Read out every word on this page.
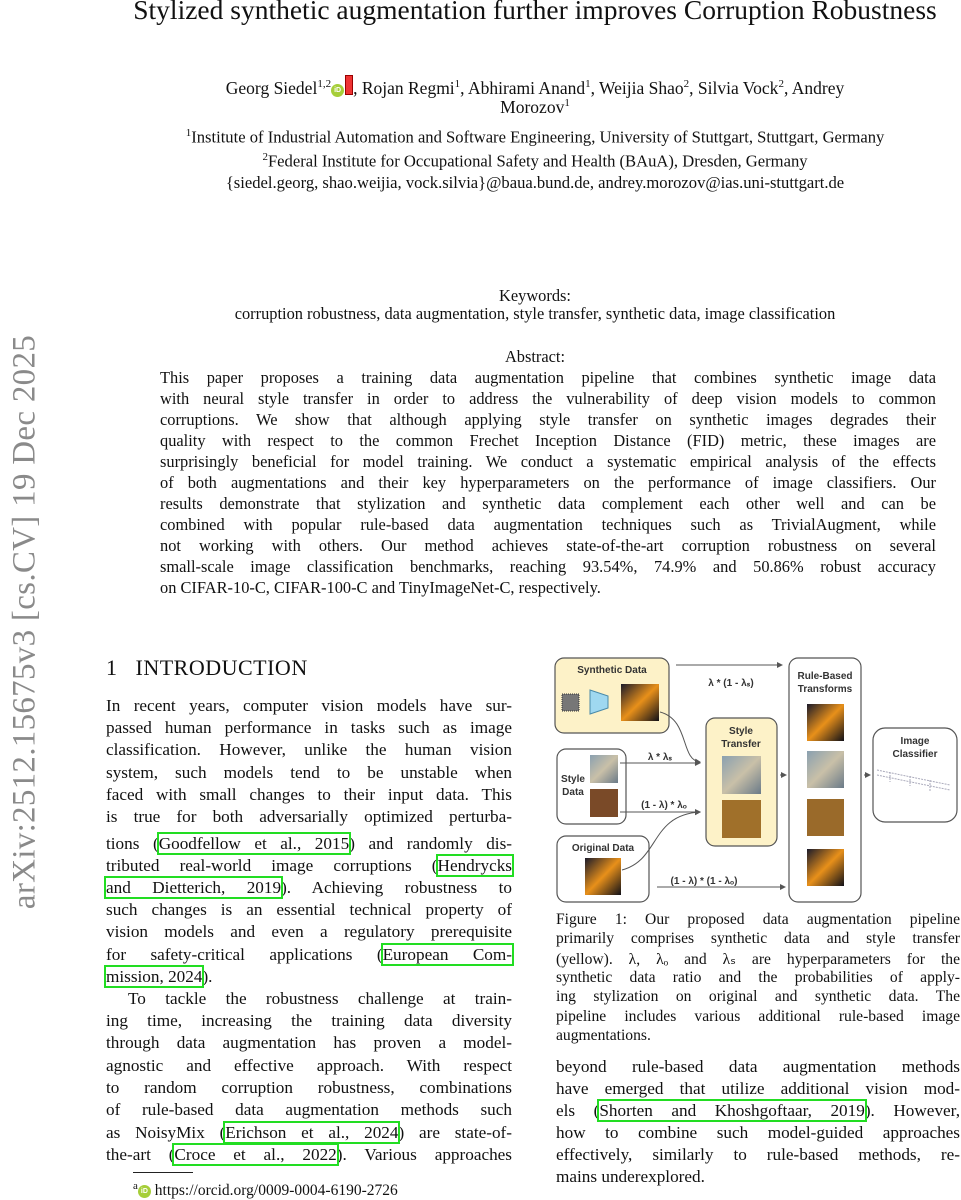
Stylized synthetic augmentation further improves Corruption Robustness
Georg Siedel$^{1,2}$iD , Rojan Regmi$^1$, Abhirami Anand$^1$, Weijia Shao$^2$, Silvia Vock$^2$, Andrey
Morozov$^1$
$^1$Institute of Industrial Automation and Software Engineering, University of Stuttgart, Stuttgart, Germany
$^2$Federal Institute for Occupational Safety and Health (BAuA), Dresden, Germany
{siedel.georg, shao.weijia, vock.silvia}@baua.bund.de, andrey.morozov@ias.uni-stuttgart.de
arXiv:2512.15675v3 [cs.CV] 19 Dec 2025
Keywords:
corruption robustness, data augmentation, style transfer, synthetic data, image classification
Abstract:
This paper proposes a training data augmentation pipeline that combines synthetic image data
with neural style transfer in order to address the vulnerability of deep vision models to common
corruptions. We show that although applying style transfer on synthetic images degrades their
quality with respect to the common Frechet Inception Distance (FID) metric, these images are
surprisingly beneficial for model training. We conduct a systematic empirical analysis of the effects
of both augmentations and their key hyperparameters on the performance of image classifiers. Our
results demonstrate that stylization and synthetic data complement each other well and can be
combined with popular rule-based data augmentation techniques such as TrivialAugment, while
not working with others. Our method achieves state-of-the-art corruption robustness on several
small-scale image classification benchmarks, reaching 93.54%, 74.9% and 50.86% robust accuracy
on CIFAR-10-C, CIFAR-100-C and TinyImageNet-C, respectively.
1 INTRODUCTION
tions (Goodfellow et al., 2015) and randomly dis-
tributed real-world image corruptions (Hendrycks
and Dietterich, 2019). Achieving robustness to
for safety-critical applications (European Com-
mission, 2024).
as NoisyMix (Erichson et al., 2024) are state-of-
the-art (Croce et al., 2022). Various approaches
In recent years, computer vision models have sur-
passed human performance in tasks such as image
classification. However, unlike the human vision
system, such models tend to be unstable when
faced with small changes to their input data. This
is true for both adversarially optimized perturba-
such changes is an essential technical property of
vision models and even a regulatory prerequisite
To tackle the robustness challenge at train-
ing time, increasing the training data diversity
through data augmentation has proven a model-
agnostic and effective approach. With respect
to random corruption robustness, combinations
of rule-based data augmentation methods such
$^a$ iD https://orcid.org/0009-0004-6190-2726
Synthetic Data
Style
Data
Original Data
Style
Transfer
Rule-Based
Transforms
Image
Classifier
λ * (1 - λₛ)
λ * λₛ
(1 - λ) * λₒ
(1 - λ) * (1 - λₒ)
Figure 1: Our proposed data augmentation pipeline
primarily comprises synthetic data and style transfer
(yellow). λ, λₒ and λₛ are hyperparameters for the
synthetic data ratio and the probabilities of apply-
ing stylization on original and synthetic data. The
pipeline includes various additional rule-based image
augmentations.
beyond rule-based data augmentation methods
have emerged that utilize additional vision mod-
els (Shorten and Khoshgoftaar, 2019). However,
how to combine such model-guided approaches
effectively, similarly to rule-based methods, re-
mains underexplored.
